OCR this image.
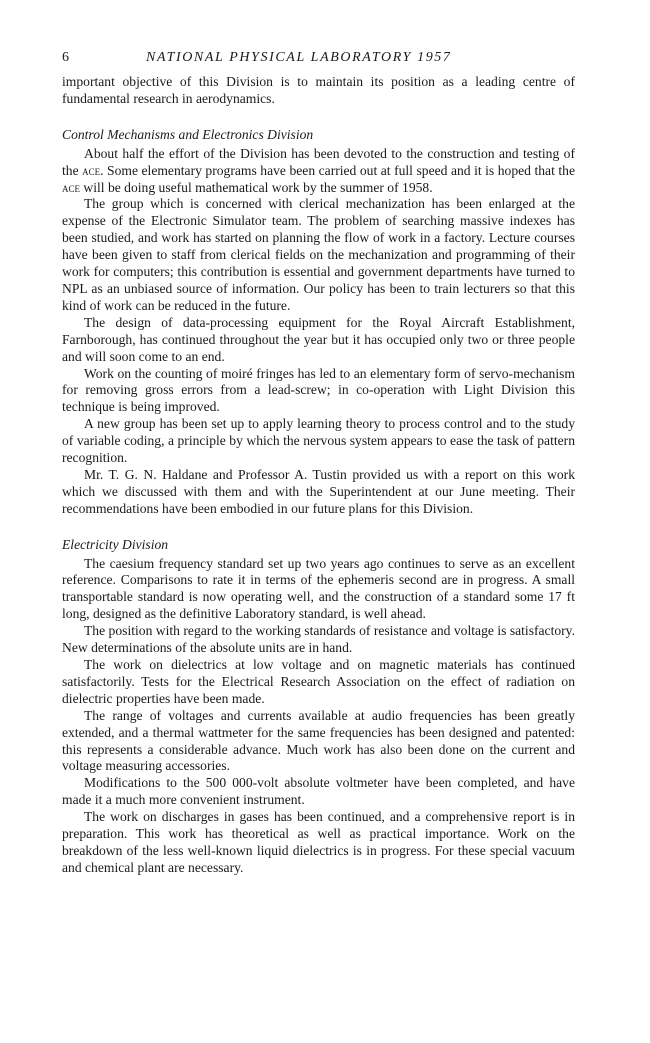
6	NATIONAL PHYSICAL LABORATORY 1957

important objective of this Division is to maintain its position as a leading centre of fundamental research in aerodynamics.

Control Mechanisms and Electronics Division

About half the effort of the Division has been devoted to the construction and testing of the ace. Some elementary programs have been carried out at full speed and it is hoped that the ace will be doing useful mathematical work by the summer of 1958.

The group which is concerned with clerical mechanization has been enlarged at the expense of the Electronic Simulator team. The problem of searching massive indexes has been studied, and work has started on planning the flow of work in a factory. Lecture courses have been given to staff from clerical fields on the mechanization and programming of their work for computers; this contribution is essential and government departments have turned to NPL as an unbiased source of information. Our policy has been to train lecturers so that this kind of work can be reduced in the future.

The design of data-processing equipment for the Royal Aircraft Establishment, Farnborough, has continued throughout the year but it has occupied only two or three people and will soon come to an end.

Work on the counting of moiré fringes has led to an elementary form of servo-mechanism for removing gross errors from a lead-screw; in co-operation with Light Division this technique is being improved.

A new group has been set up to apply learning theory to process control and to the study of variable coding, a principle by which the nervous system appears to ease the task of pattern recognition.

Mr. T. G. N. Haldane and Professor A. Tustin provided us with a report on this work which we discussed with them and with the Superintendent at our June meeting. Their recommendations have been embodied in our future plans for this Division.

Electricity Division

The caesium frequency standard set up two years ago continues to serve as an excellent reference. Comparisons to rate it in terms of the ephemeris second are in progress. A small transportable standard is now operating well, and the construction of a standard some 17 ft long, designed as the definitive Laboratory standard, is well ahead.

The position with regard to the working standards of resistance and voltage is satisfactory. New determinations of the absolute units are in hand.

The work on dielectrics at low voltage and on magnetic materials has continued satisfactorily. Tests for the Electrical Research Association on the effect of radiation on dielectric properties have been made.

The range of voltages and currents available at audio frequencies has been greatly extended, and a thermal wattmeter for the same frequencies has been designed and patented: this represents a considerable advance. Much work has also been done on the current and voltage measuring accessories.

Modifications to the 500 000-volt absolute voltmeter have been completed, and have made it a much more convenient instrument.

The work on discharges in gases has been continued, and a comprehensive report is in preparation. This work has theoretical as well as practical importance. Work on the breakdown of the less well-known liquid dielectrics is in progress. For these special vacuum and chemical plant are necessary.
